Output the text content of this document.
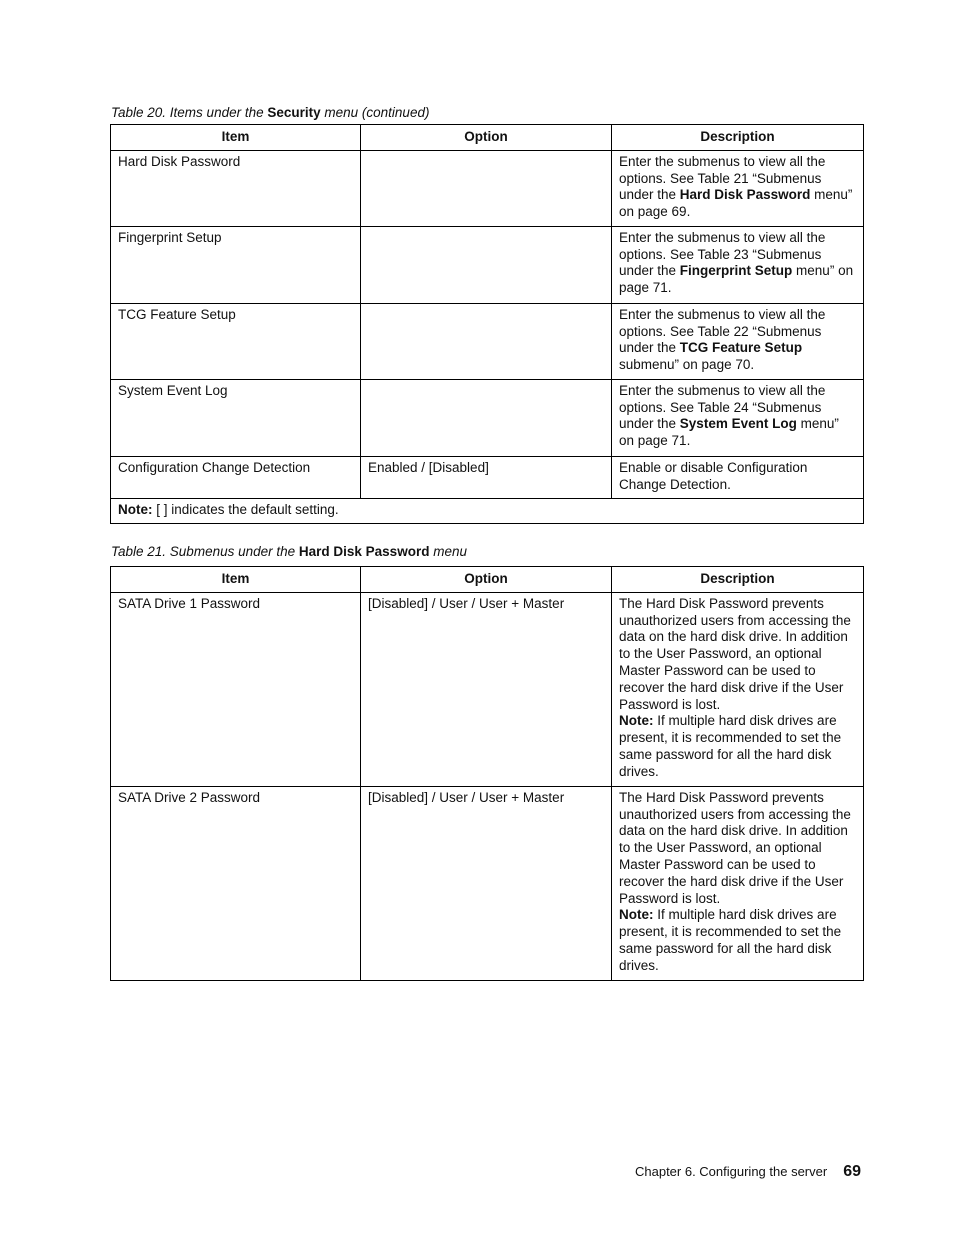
Table 20. Items under the Security menu (continued)
Item	Option	Description
Hard Disk Password		Enter the submenus to view all the options. See Table 21 “Submenus under the Hard Disk Password menu” on page 69.
Fingerprint Setup		Enter the submenus to view all the options. See Table 23 “Submenus under the Fingerprint Setup menu” on page 71.
TCG Feature Setup		Enter the submenus to view all the options. See Table 22 “Submenus under the TCG Feature Setup submenu” on page 70.
System Event Log		Enter the submenus to view all the options. See Table 24 “Submenus under the System Event Log menu” on page 71.
Configuration Change Detection	Enabled / [Disabled]	Enable or disable Configuration Change Detection.
Note: [ ] indicates the default setting.		
Table 21. Submenus under the Hard Disk Password menu
Item	Option	Description
SATA Drive 1 Password	[Disabled] / User / User + Master	The Hard Disk Password prevents unauthorized users from accessing the data on the hard disk drive. In addition to the User Password, an optional Master Password can be used to recover the hard disk drive if the User Password is lost.
Note: If multiple hard disk drives are present, it is recommended to set the same password for all the hard disk drives.
SATA Drive 2 Password	[Disabled] / User / User + Master	The Hard Disk Password prevents unauthorized users from accessing the data on the hard disk drive. In addition to the User Password, an optional Master Password can be used to recover the hard disk drive if the User Password is lost.
Note: If multiple hard disk drives are present, it is recommended to set the same password for all the hard disk drives.
Chapter 6. Configuring the server 69
